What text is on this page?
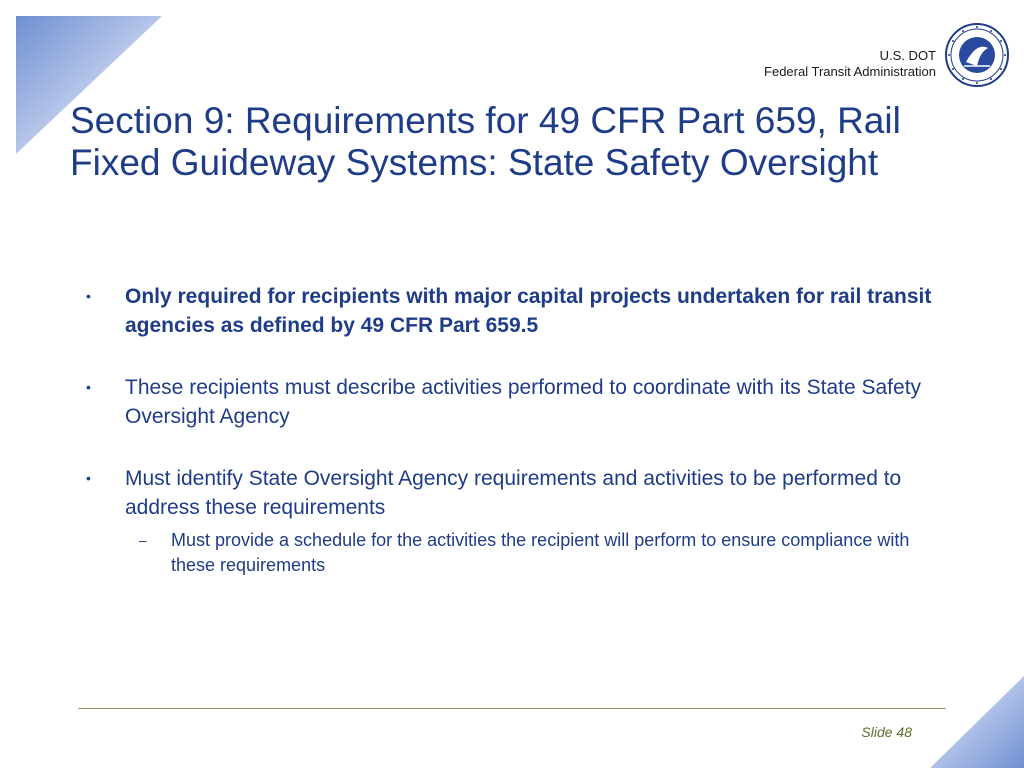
U.S. DOT
Federal Transit Administration
Section 9: Requirements for 49 CFR Part 659, Rail Fixed Guideway Systems: State Safety Oversight
• Only required for recipients with major capital projects undertaken for rail transit agencies as defined by 49 CFR Part 659.5
• These recipients must describe activities performed to coordinate with its State Safety Oversight Agency
• Must identify State Oversight Agency requirements and activities to be performed to address these requirements
– Must provide a schedule for the activities the recipient will perform to ensure compliance with these requirements
Slide 48
